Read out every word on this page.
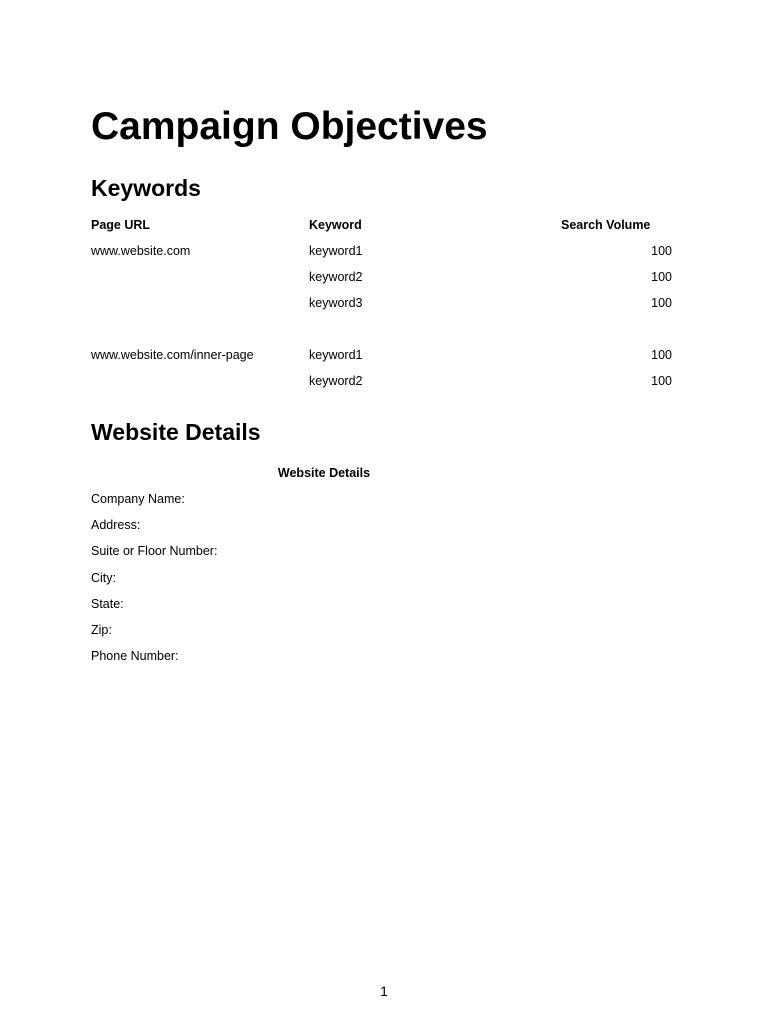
Campaign Objectives
Keywords
Page URL	Keyword	Search Volume
www.website.com	keyword1	100
	keyword2	100
	keyword3	100

www.website.com/inner-page	keyword1	100
	keyword2	100
Website Details
Website Details
Company Name:
Address:
Suite or Floor Number:
City:
State:
Zip:
Phone Number:
1
